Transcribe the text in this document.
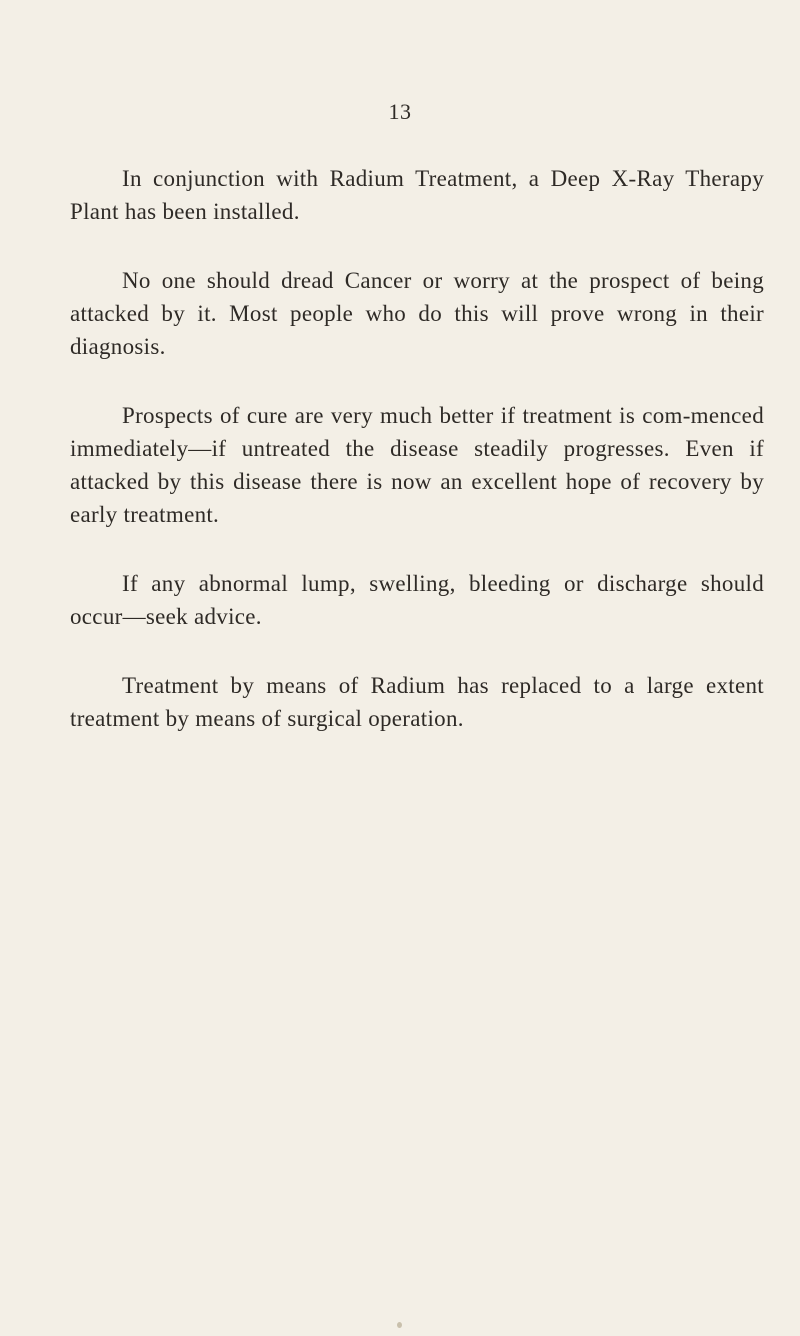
13

In conjunction with Radium Treatment, a Deep X-Ray Therapy Plant has been installed.

No one should dread Cancer or worry at the prospect of being attacked by it. Most people who do this will prove wrong in their diagnosis.

Prospects of cure are very much better if treatment is com-menced immediately—if untreated the disease steadily progresses. Even if attacked by this disease there is now an excellent hope of recovery by early treatment.

If any abnormal lump, swelling, bleeding or discharge should occur—seek advice.

Treatment by means of Radium has replaced to a large extent treatment by means of surgical operation.
